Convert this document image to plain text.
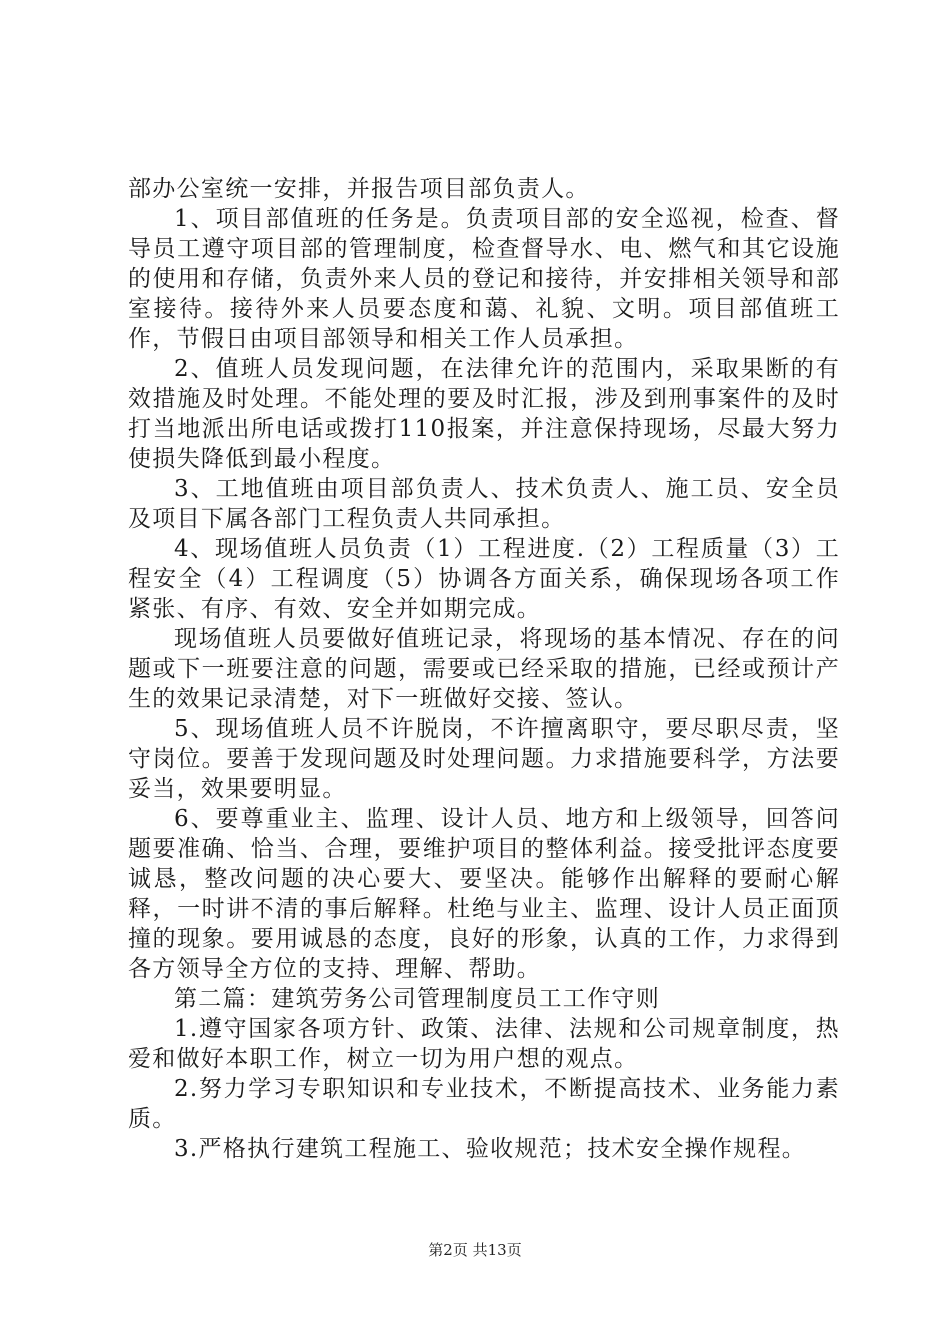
部办公室统一安排，并报告项目部负责人。

1、项目部值班的任务是。负责项目部的安全巡视，检查、督导员工遵守项目部的管理制度，检查督导水、电、燃气和其它设施的使用和存储，负责外来人员的登记和接待，并安排相关领导和部室接待。接待外来人员要态度和蔼、礼貌、文明。项目部值班工作，节假日由项目部领导和相关工作人员承担。

2、值班人员发现问题，在法律允许的范围内，采取果断的有效措施及时处理。不能处理的要及时汇报，涉及到刑事案件的及时打当地派出所电话或拨打110报案，并注意保持现场，尽最大努力使损失降低到最小程度。

3、工地值班由项目部负责人、技术负责人、施工员、安全员及项目下属各部门工程负责人共同承担。

4、现场值班人员负责（1）工程进度.（2）工程质量（3）工程安全（4）工程调度（5）协调各方面关系，确保现场各项工作紧张、有序、有效、安全并如期完成。

现场值班人员要做好值班记录，将现场的基本情况、存在的问题或下一班要注意的问题，需要或已经采取的措施，已经或预计产生的效果记录清楚，对下一班做好交接、签认。

5、现场值班人员不许脱岗，不许擅离职守，要尽职尽责，坚守岗位。要善于发现问题及时处理问题。力求措施要科学，方法要妥当，效果要明显。

6、要尊重业主、监理、设计人员、地方和上级领导，回答问题要准确、恰当、合理，要维护项目的整体利益。接受批评态度要诚恳，整改问题的决心要大、要坚决。能够作出解释的要耐心解释，一时讲不清的事后解释。杜绝与业主、监理、设计人员正面顶撞的现象。要用诚恳的态度，良好的形象，认真的工作，力求得到各方领导全方位的支持、理解、帮助。

第二篇：建筑劳务公司管理制度员工工作守则

1.遵守国家各项方针、政策、法律、法规和公司规章制度，热爱和做好本职工作，树立一切为用户想的观点。

2.努力学习专职知识和专业技术，不断提高技术、业务能力素质。

3.严格执行建筑工程施工、验收规范；技术安全操作规程。

第2页 共13页
